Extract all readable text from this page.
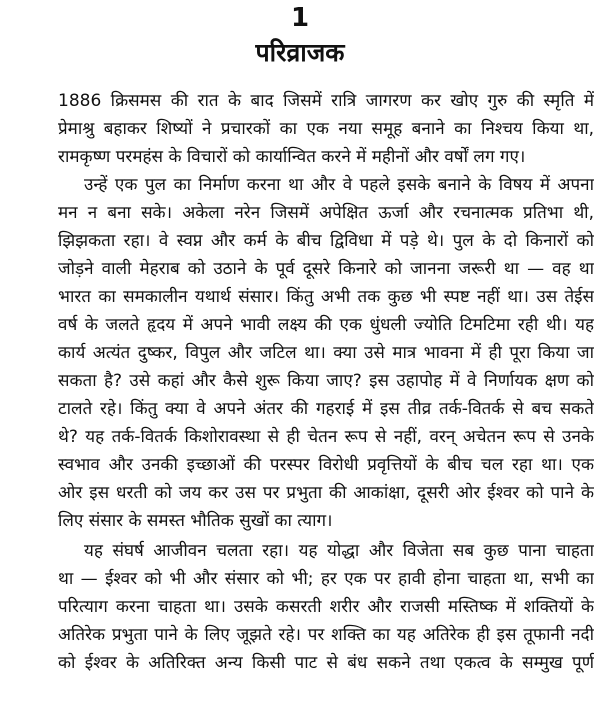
1
परिव्राजक
1886 क्रिसमस की रात के बाद जिसमें रात्रि जागरण कर खोए गुरु की स्मृति में
प्रेमाश्रु बहाकर शिष्यों ने प्रचारकों का एक नया समूह बनाने का निश्चय किया था,
रामकृष्ण परमहंस के विचारों को कार्यान्वित करने में महीनों और वर्षों लग गए।
उन्हें एक पुल का निर्माण करना था और वे पहले इसके बनाने के विषय में अपना
मन न बना सके। अकेला नरेन जिसमें अपेक्षित ऊर्जा और रचनात्मक प्रतिभा थी,
झिझकता रहा। वे स्वप्न और कर्म के बीच द्विविधा में पड़े थे। पुल के दो किनारों को
जोड़ने वाली मेहराब को उठाने के पूर्व दूसरे किनारे को जानना जरूरी था — वह था
भारत का समकालीन यथार्थ संसार। किंतु अभी तक कुछ भी स्पष्ट नहीं था। उस तेईस
वर्ष के जलते हृदय में अपने भावी लक्ष्य की एक धुंधली ज्योति टिमटिमा रही थी। यह
कार्य अत्यंत दुष्कर, विपुल और जटिल था। क्या उसे मात्र भावना में ही पूरा किया जा
सकता है? उसे कहां और कैसे शुरू किया जाए? इस उहापोह में वे निर्णायक क्षण को
टालते रहे। किंतु क्या वे अपने अंतर की गहराई में इस तीव्र तर्क-वितर्क से बच सकते
थे? यह तर्क-वितर्क किशोरावस्था से ही चेतन रूप से नहीं, वरन् अचेतन रूप से उनके
स्वभाव और उनकी इच्छाओं की परस्पर विरोधी प्रवृत्तियों के बीच चल रहा था। एक
ओर इस धरती को जय कर उस पर प्रभुता की आकांक्षा, दूसरी ओर ईश्वर को पाने के
लिए संसार के समस्त भौतिक सुखों का त्याग।
यह संघर्ष आजीवन चलता रहा। यह योद्धा और विजेता सब कुछ पाना चाहता
था — ईश्वर को भी और संसार को भी; हर एक पर हावी होना चाहता था, सभी का
परित्याग करना चाहता था। उसके कसरती शरीर और राजसी मस्तिष्क में शक्तियों के
अतिरेक प्रभुता पाने के लिए जूझते रहे। पर शक्ति का यह अतिरेक ही इस तूफानी नदी
को ईश्वर के अतिरिक्त अन्य किसी पाट से बंध सकने तथा एकत्व के सम्मुख पूर्ण
